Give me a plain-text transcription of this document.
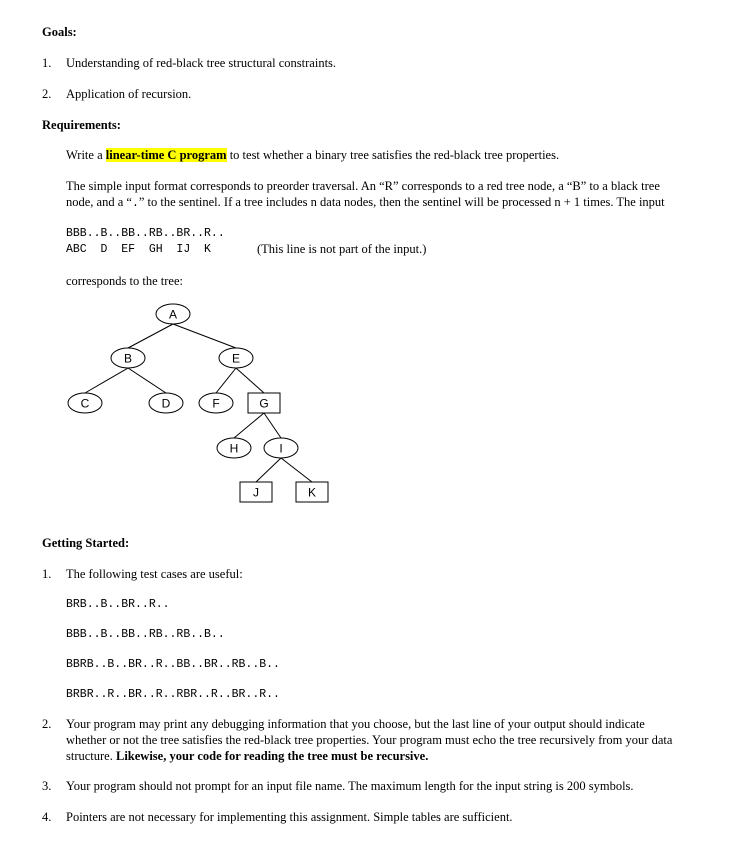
Goals:
1. Understanding of red-black tree structural constraints.
2. Application of recursion.
Requirements:
Write a linear-time C program to test whether a binary tree satisfies the red-black tree properties.
The simple input format corresponds to preorder traversal. An “R” corresponds to a red tree node, a “B” to a black tree
node, and a “.” to the sentinel. If a tree includes n data nodes, then the sentinel will be processed n + 1 times. The input
BBB..B..BB..RB..BR..R..
ABC  D  EF  GH  IJ  K	(This line is not part of the input.)
corresponds to the tree:
A
B	E
C	D	F	G
H	I
J	K
Getting Started:
1. The following test cases are useful:
BRB..B..BR..R..
BBB..B..BB..RB..RB..B..
BBRB..B..BR..R..BB..BR..RB..B..
BRBR..R..BR..R..RBR..R..BR..R..
2. Your program may print any debugging information that you choose, but the last line of your output should indicate
whether or not the tree satisfies the red-black tree properties. Your program must echo the tree recursively from your data
structure. Likewise, your code for reading the tree must be recursive.
3. Your program should not prompt for an input file name. The maximum length for the input string is 200 symbols.
4. Pointers are not necessary for implementing this assignment. Simple tables are sufficient.
